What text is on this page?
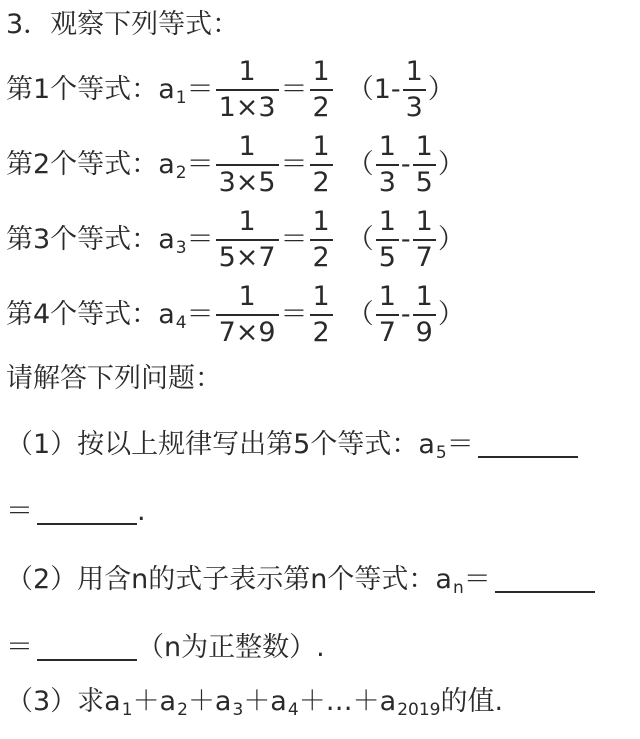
3．观察下列等式：
第1个等式： a $1 = \frac{1}{1\times 3} = \frac{1}{2} (1- \frac{1}{3}$ ）
第2个等式： a $2 = \frac{1}{3\times 5} = \frac{1}{2}$ （ $\frac{1}{3} - \frac{1}{5}$ ）
第3个等式： a $3 = \frac{1}{5\times 7} = \frac{1}{2}$ （ $\frac{1}{5} - \frac{1}{7}$ ）
第4个等式： a $4 = \frac{1}{7\times 9} = \frac{1}{2}$ （ $\frac{1}{7} - \frac{1}{9}$ ）
请解答下列问题：
（1）按以上规律写出第5个等式：a 5 ＝
＝	.
（2）用含n的式子表示第n个等式：a n ＝
＝	（n为正整数）.
（3）求a 1 ＋a 2 ＋a 3 ＋a 4 ＋…＋a 2019 的值.
